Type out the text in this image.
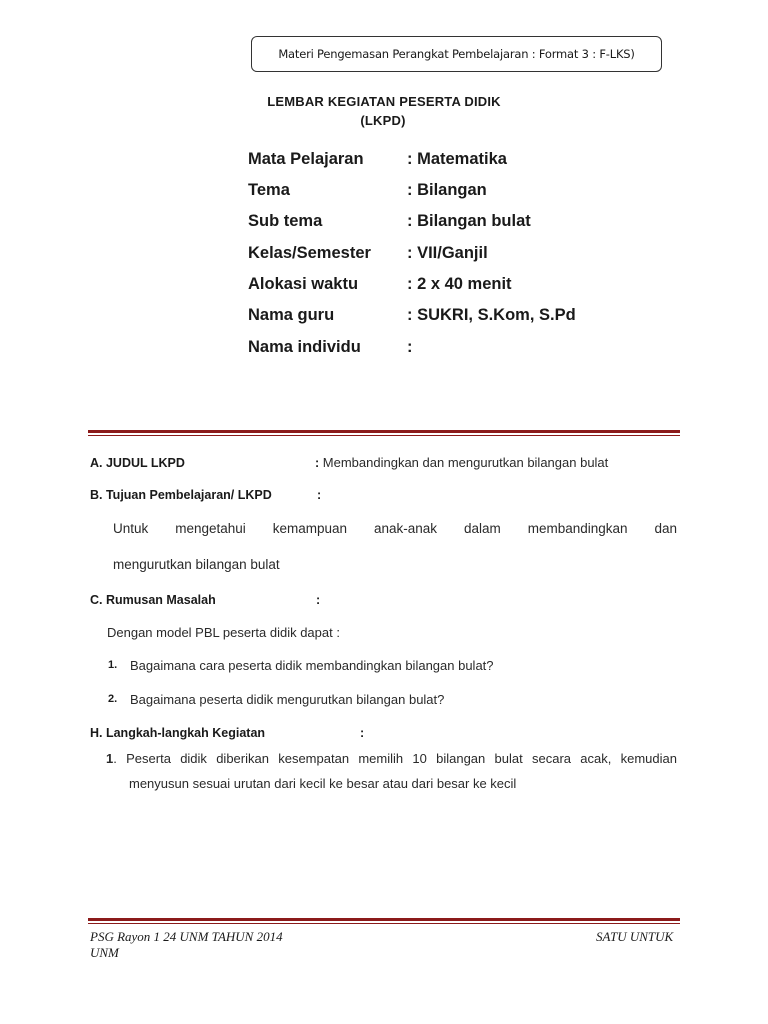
Materi Pengemasan Perangkat Pembelajaran : Format 3 : F-LKS)
LEMBAR KEGIATAN PESERTA DIDIK
(LKPD)
Mata Pelajaran	: Matematika
Tema	: Bilangan
Sub tema	: Bilangan bulat
Kelas/Semester : VII/Ganjil
Alokasi waktu	: 2 x 40 menit
Nama guru	: SUKRI, S.Kom, S.Pd
Nama individu	:
A. JUDUL LKPD	: Membandingkan dan mengurutkan bilangan bulat
B. Tujuan Pembelajaran/ LKPD	:
Untuk mengetahui kemampuan anak-anak dalam membandingkan dan
mengurutkan bilangan bulat
C. Rumusan Masalah	:
Dengan model PBL peserta didik dapat :
1. Bagaimana cara peserta didik membandingkan bilangan bulat?
2. Bagaimana peserta didik mengurutkan bilangan bulat?
H. Langkah-langkah Kegiatan	:
1. Peserta didik diberikan kesempatan memilih 10 bilangan bulat secara acak, kemudian
menyusun sesuai urutan dari kecil ke besar atau dari besar ke kecil
PSG Rayon 1 24 UNM TAHUN 2014
UNM
SATU UNTUK
